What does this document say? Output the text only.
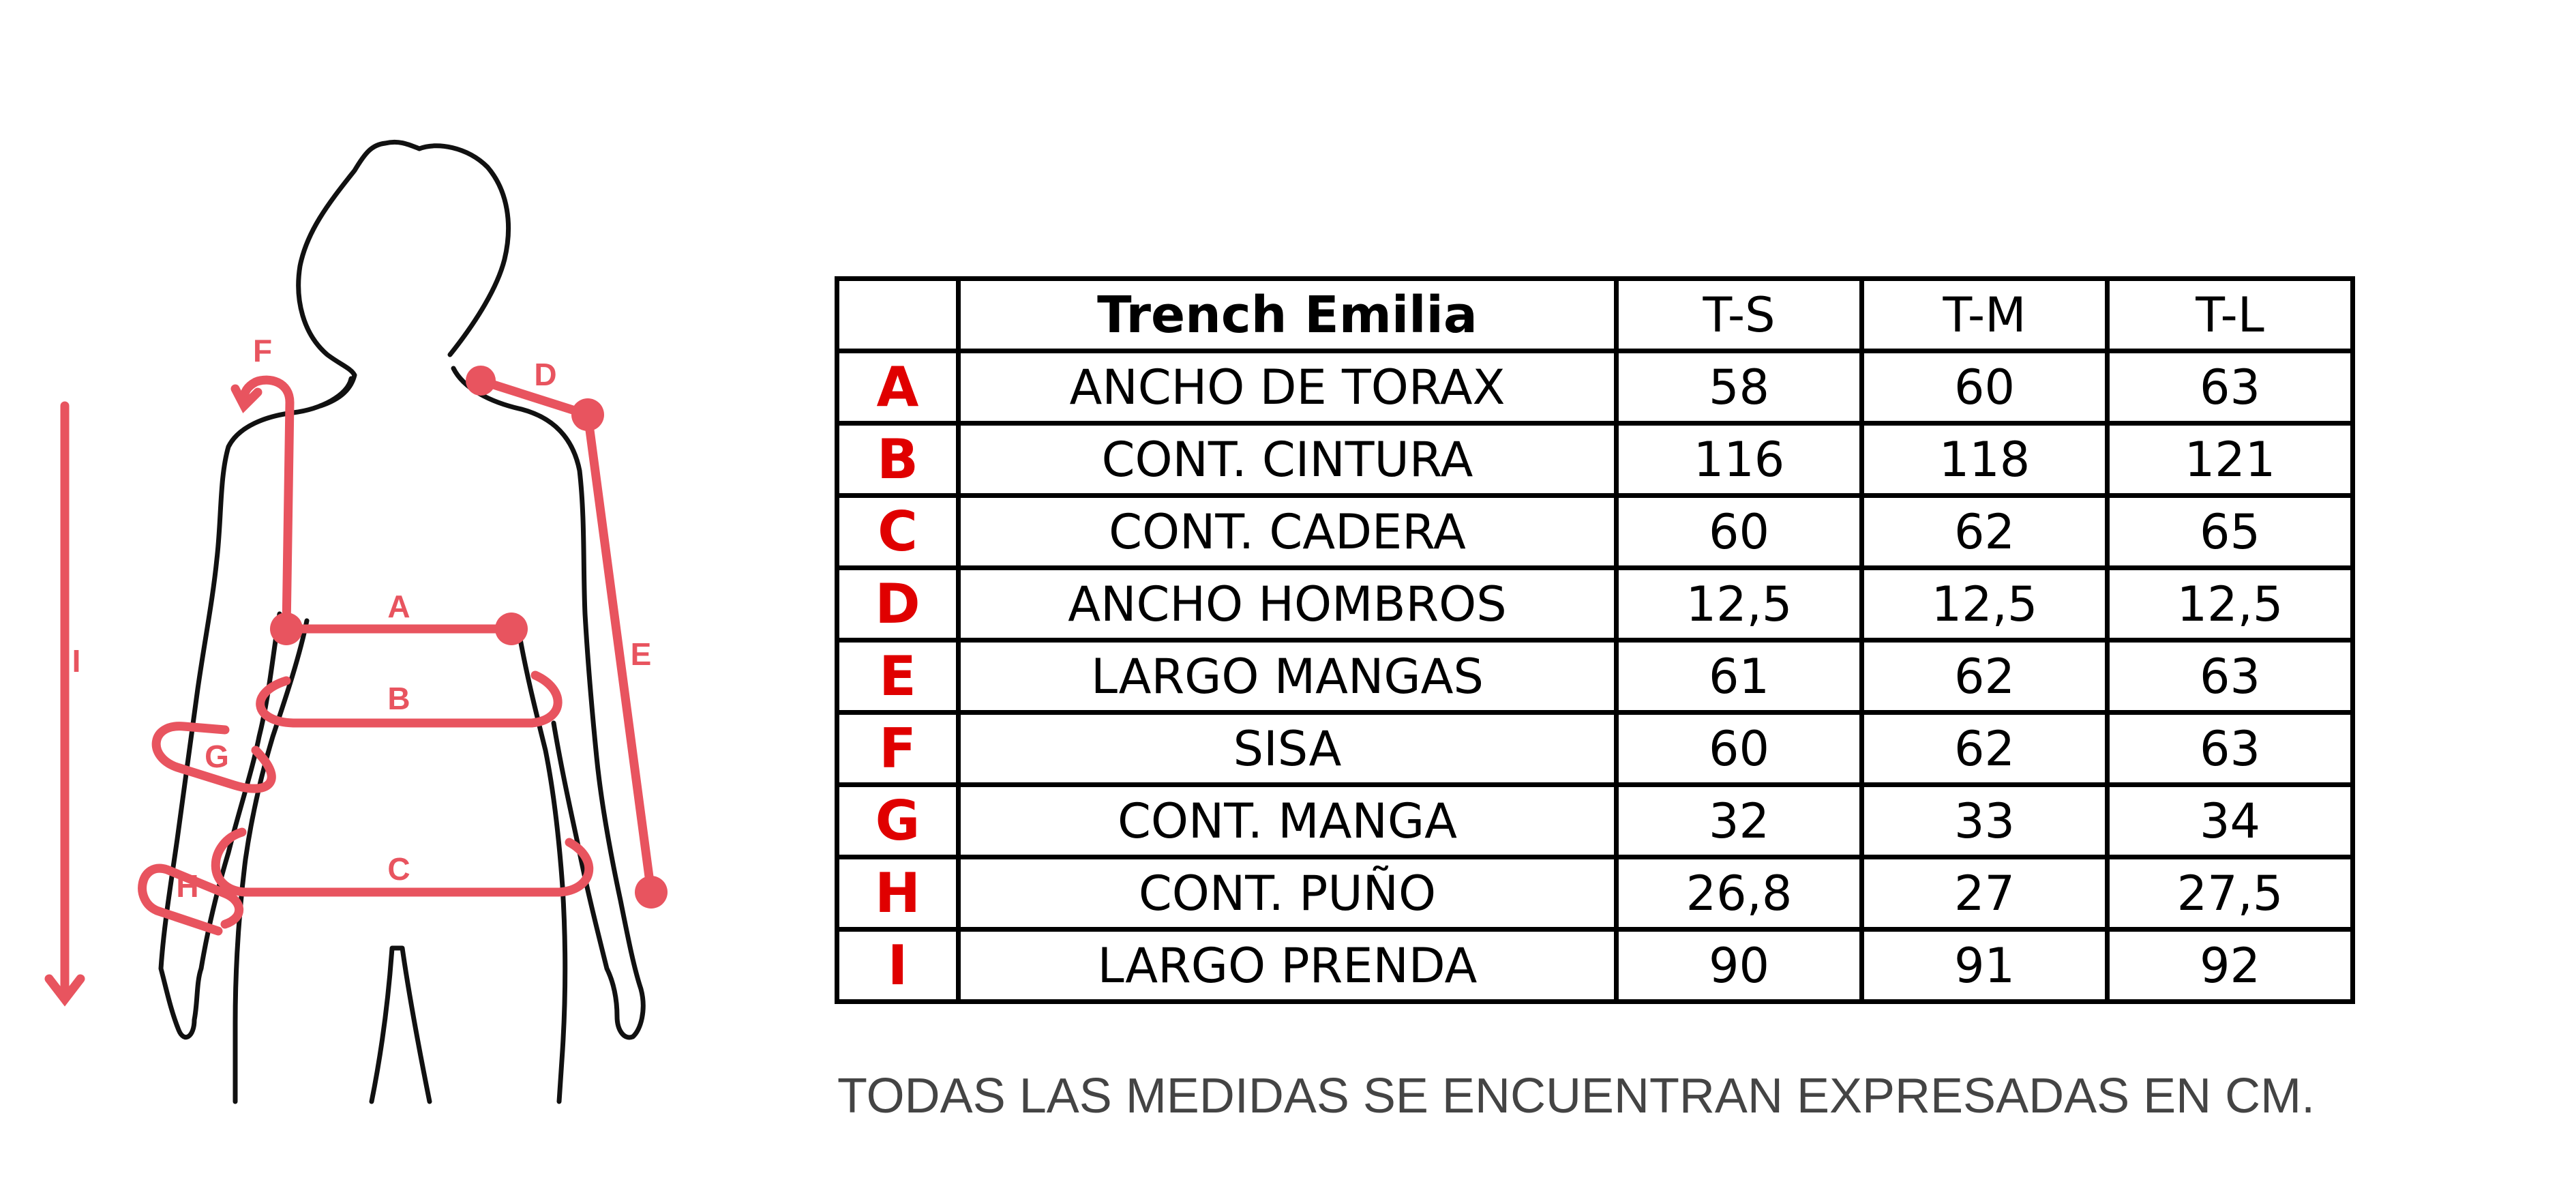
A
B
C
D
E
F
G
H
I
	Trench Emilia	T-S	T-M	T-L
A	ANCHO DE TORAX	58	60	63
B	CONT. CINTURA	116	118	121
C	CONT. CADERA	60	62	65
D	ANCHO HOMBROS	12,5	12,5	12,5
E	LARGO MANGAS	61	62	63
F	SISA	60	62	63
G	CONT. MANGA	32	33	34
H	CONT. PUÑO	26,8	27	27,5
I	LARGO PRENDA	90	91	92
TODAS LAS MEDIDAS SE ENCUENTRAN EXPRESADAS EN CM.
